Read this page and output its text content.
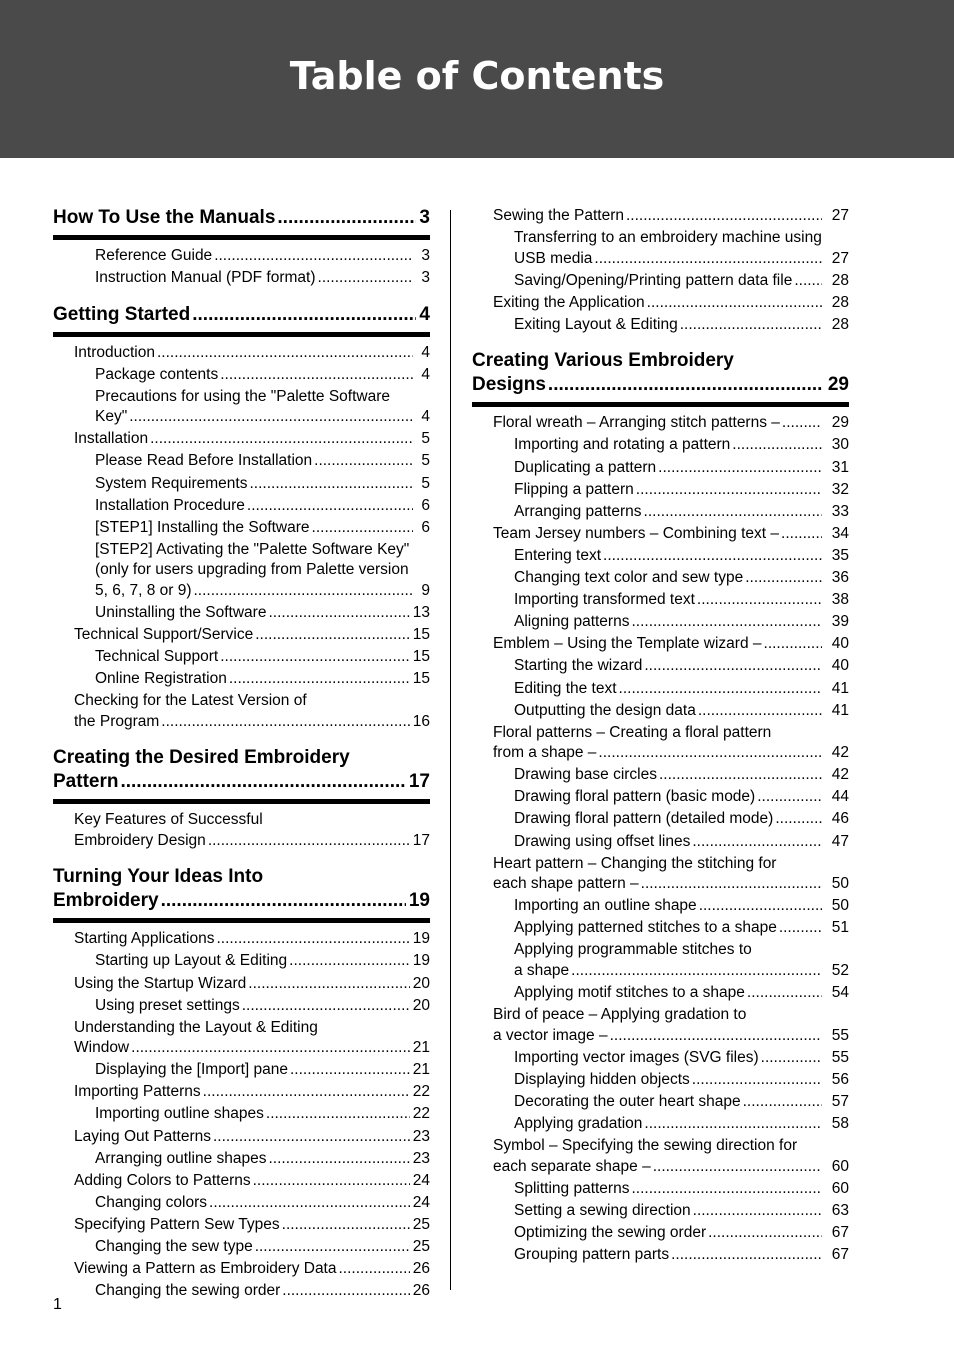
Table of Contents
How To Use the Manuals .....	3
Reference Guide .....	3
Instruction Manual (PDF format) .....	3
Getting Started .....	4
Introduction .....	4
Package contents .....	4
Precautions for using the "Palette Software
Key" .....	4
Installation .....	5
Please Read Before Installation .....	5
System Requirements .....	5
Installation Procedure .....	6
[STEP1] Installing the Software .....	6
[STEP2] Activating the "Palette Software Key"
(only for users upgrading from Palette version
5, 6, 7, 8 or 9) .....	9
Uninstalling the Software .....	13
Technical Support/Service .....	15
Technical Support .....	15
Online Registration .....	15
Checking for the Latest Version of
the Program .....	16
Creating the Desired Embroidery
Pattern .....	17
Key Features of Successful
Embroidery Design .....	17
Turning Your Ideas Into
Embroidery .....	19
Starting Applications .....	19
Starting up Layout & Editing .....	19
Using the Startup Wizard .....	20
Using preset settings .....	20
Understanding the Layout & Editing
Window .....	21
Displaying the [Import] pane .....	21
Importing Patterns .....	22
Importing outline shapes .....	22
Laying Out Patterns .....	23
Arranging outline shapes .....	23
Adding Colors to Patterns .....	24
Changing colors .....	24
Specifying Pattern Sew Types .....	25
Changing the sew type .....	25
Viewing a Pattern as Embroidery Data .....	26
Changing the sewing order .....	26
Sewing the Pattern .....	27
Transferring to an embroidery machine using
USB media .....	27
Saving/Opening/Printing pattern data file .....	28
Exiting the Application .....	28
Exiting Layout & Editing .....	28
Creating Various Embroidery
Designs .....	29
Floral wreath – Arranging stitch patterns – .....	29
Importing and rotating a pattern .....	30
Duplicating a pattern .....	31
Flipping a pattern .....	32
Arranging patterns .....	33
Team Jersey numbers – Combining text – .....	34
Entering text .....	35
Changing text color and sew type .....	36
Importing transformed text .....	38
Aligning patterns .....	39
Emblem – Using the Template wizard – .....	40
Starting the wizard .....	40
Editing the text .....	41
Outputting the design data .....	41
Floral patterns – Creating a floral pattern
from a shape – .....	42
Drawing base circles .....	42
Drawing floral pattern (basic mode) .....	44
Drawing floral pattern (detailed mode) .....	46
Drawing using offset lines .....	47
Heart pattern – Changing the stitching for
each shape pattern – .....	50
Importing an outline shape .....	50
Applying patterned stitches to a shape .....	51
Applying programmable stitches to
a shape .....	52
Applying motif stitches to a shape .....	54
Bird of peace – Applying gradation to
a vector image – .....	55
Importing vector images (SVG files) .....	55
Displaying hidden objects .....	56
Decorating the outer heart shape .....	57
Applying gradation .....	58
Symbol – Specifying the sewing direction for
each separate shape – .....	60
Splitting patterns .....	60
Setting a sewing direction .....	63
Optimizing the sewing order .....	67
Grouping pattern parts .....	67
1
